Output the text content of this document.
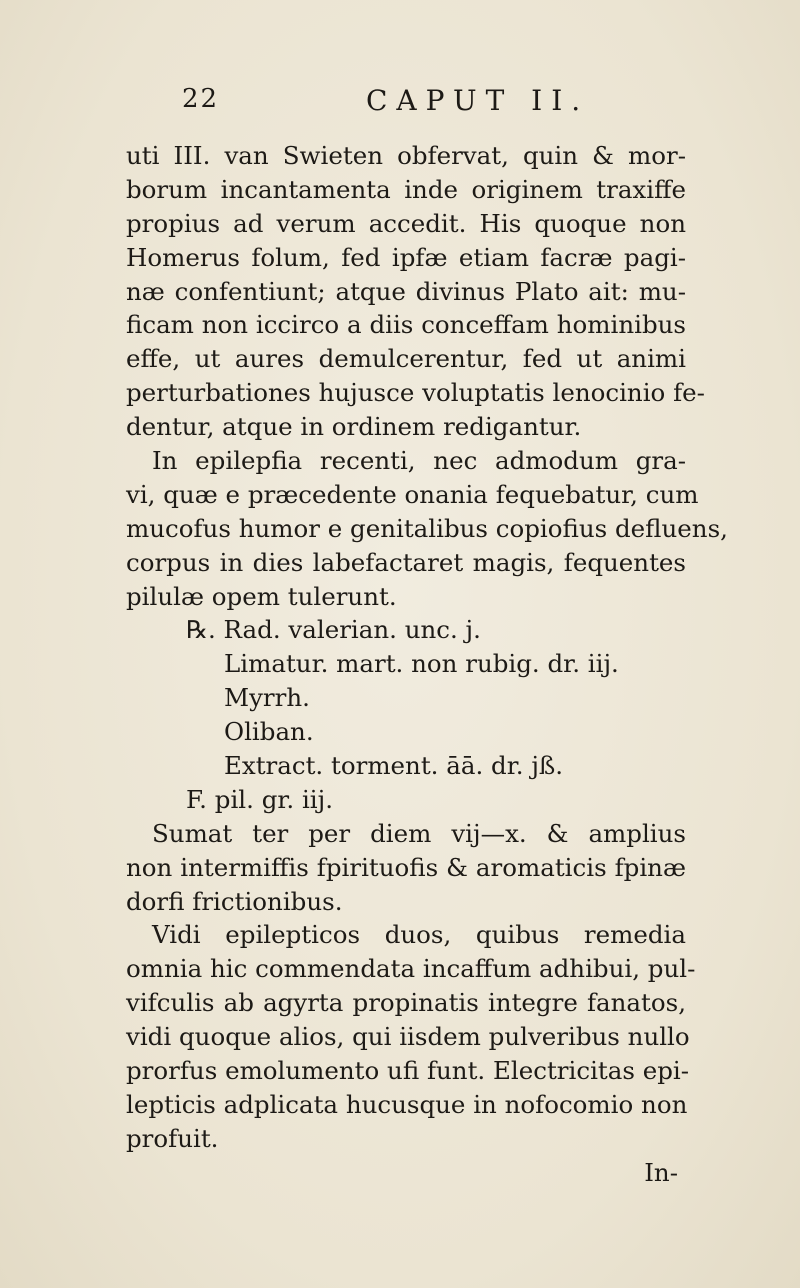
22	CAPUT II.
uti III. van Swieten obfervat, quin & mor-
borum incantamenta inde originem traxiffe
propius ad verum accedit. His quoque non
Homerus folum, fed ipfæ etiam facræ pagi-
næ confentiunt; atque divinus Plato ait: mu-
ficam non iccirco a diis conceffam hominibus
effe, ut aures demulcerentur, fed ut animi
perturbationes hujusce voluptatis lenocinio fe-
dentur, atque in ordinem redigantur.
In epilepfia recenti, nec admodum gra-
vi, quæ e præcedente onania fequebatur, cum
mucofus humor e genitalibus copiofius defluens,
corpus in dies labefactaret magis, fequentes
pilulæ opem tulerunt.
℞. Rad. valerian. unc. j.
Limatur. mart. non rubig. dr. iij.
Myrrh.
Oliban.
Extract. torment. āā. dr. jß.
F. pil. gr. iij.
Sumat ter per diem vij—x. & amplius
non intermiffis fpirituofis & aromaticis fpinæ
dorfi frictionibus.
Vidi epilepticos duos, quibus remedia
omnia hic commendata incaffum adhibui, pul-
vifculis ab agyrta propinatis integre fanatos,
vidi quoque alios, qui iisdem pulveribus nullo
prorfus emolumento ufi funt. Electricitas epi-
lepticis adplicata hucusque in nofocomio non
profuit.
In-
